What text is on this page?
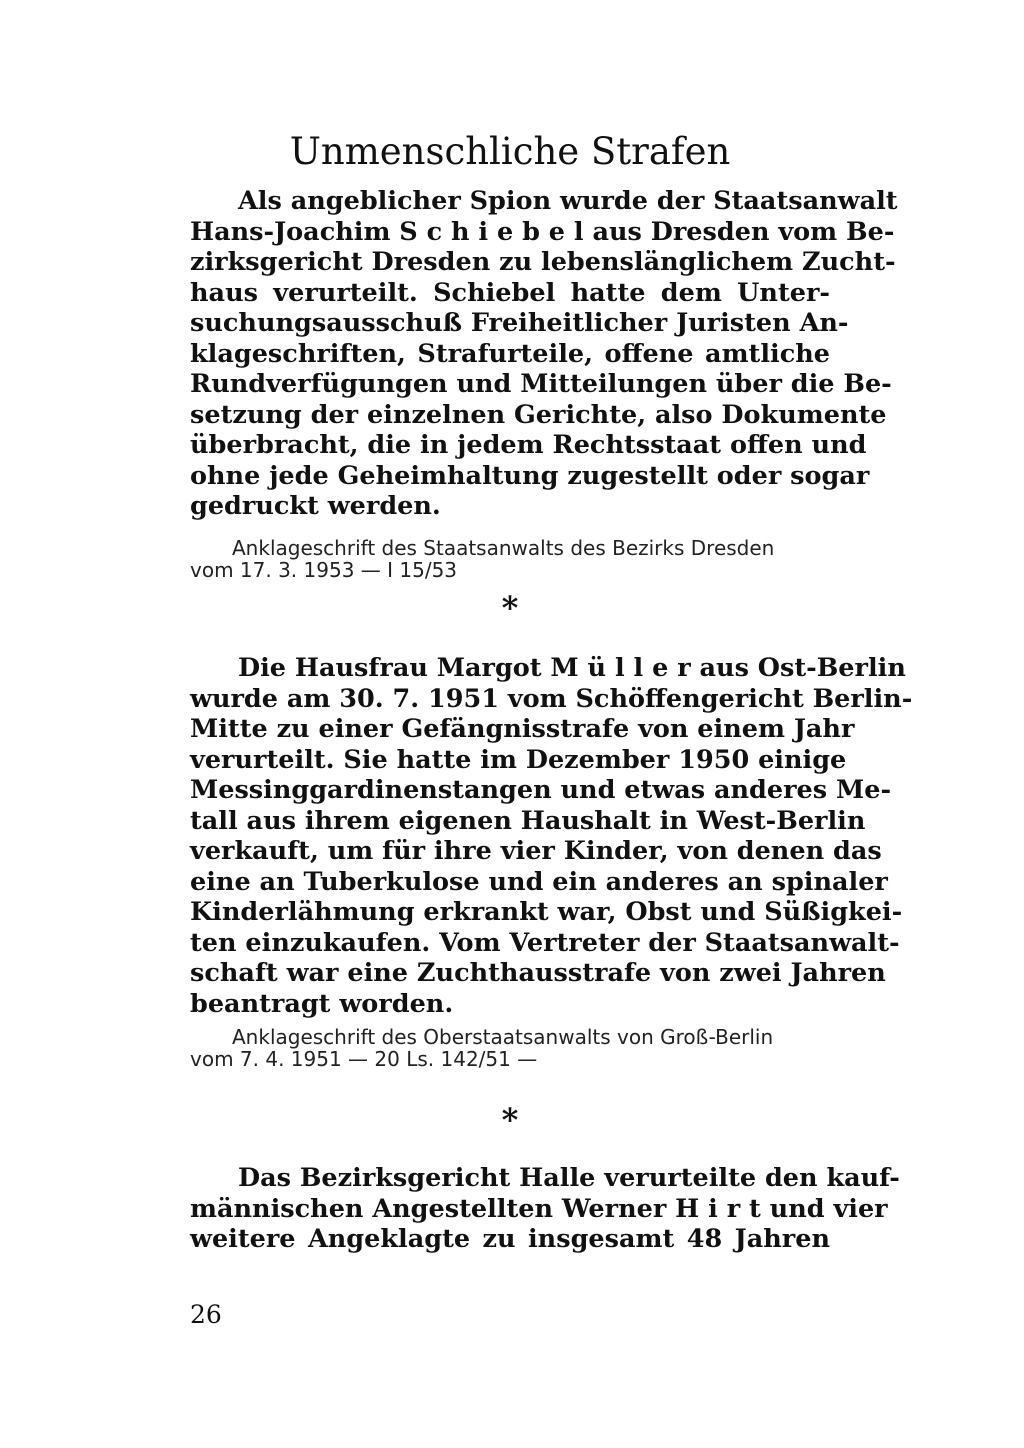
Unmenschliche Strafen
Als angeblicher Spion wurde der Staatsanwalt
Hans-Joachim S c h i e b e l aus Dresden vom Be-
zirksgericht Dresden zu lebenslänglichem Zucht-
haus verurteilt. Schiebel hatte dem Unter-
suchungsausschuß Freiheitlicher Juristen An-
klageschriften, Strafurteile, offene amtliche
Rundverfügungen und Mitteilungen über die Be-
setzung der einzelnen Gerichte, also Dokumente
überbracht, die in jedem Rechtsstaat offen und
ohne jede Geheimhaltung zugestellt oder sogar
gedruckt werden.
Anklageschrift des Staatsanwalts des Bezirks Dresden
vom 17. 3. 1953 — I 15/53
*
Die Hausfrau Margot M ü l l e r aus Ost-Berlin
wurde am 30. 7. 1951 vom Schöffengericht Berlin-
Mitte zu einer Gefängnisstrafe von einem Jahr
verurteilt. Sie hatte im Dezember 1950 einige
Messinggardinenstangen und etwas anderes Me-
tall aus ihrem eigenen Haushalt in West-Berlin
verkauft, um für ihre vier Kinder, von denen das
eine an Tuberkulose und ein anderes an spinaler
Kinderlähmung erkrankt war, Obst und Süßigkei-
ten einzukaufen. Vom Vertreter der Staatsanwalt-
schaft war eine Zuchthausstrafe von zwei Jahren
beantragt worden.
Anklageschrift des Oberstaatsanwalts von Groß-Berlin
vom 7. 4. 1951 — 20 Ls. 142/51 —
*
Das Bezirksgericht Halle verurteilte den kauf-
männischen Angestellten Werner H i r t und vier
weitere Angeklagte zu insgesamt 48 Jahren
26
